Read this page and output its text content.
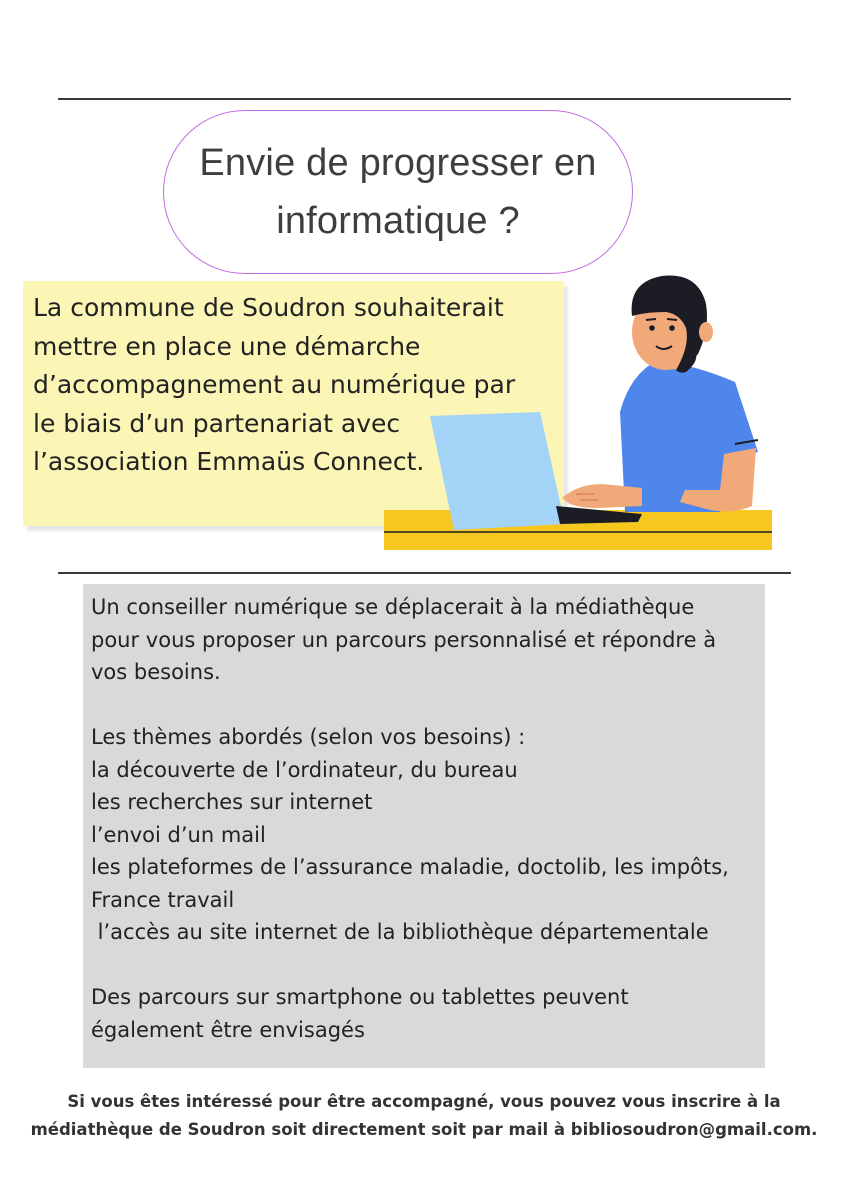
Envie de progresser en
informatique ?
La commune de Soudron souhaiterait
mettre en place une démarche
d’accompagnement au numérique par
le biais d’un partenariat avec
l’association Emmaüs Connect.

Un conseiller numérique se déplacerait à la médiathèque

pour vous proposer un parcours personnalisé et répondre à

vos besoins.

Les thèmes abordés (selon vos besoins) :

la découverte de l’ordinateur, du bureau

les recherches sur internet

l’envoi d’un mail

les plateformes de l’assurance maladie, doctolib, les impôts,

France travail

l’accès au site internet de la bibliothèque départementale

Des parcours sur smartphone ou tablettes peuvent

également être envisagés

Si vous êtes intéressé pour être accompagné, vous pouvez vous inscrire à la
médiathèque de Soudron soit directement soit par mail à bibliosoudron@gmail.com.
